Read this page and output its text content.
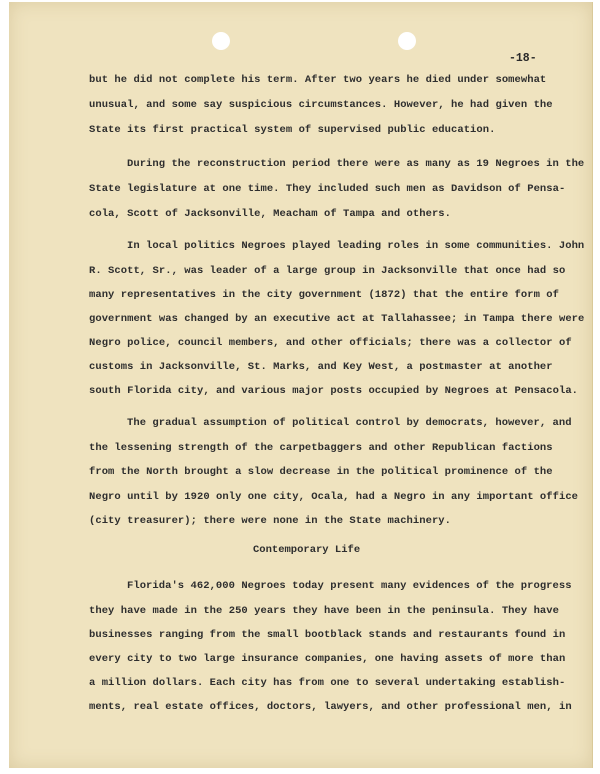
-18-
but he did not complete his term. After two years he died under somewhat
unusual, and some say suspicious circumstances. However, he had given the
State its first practical system of supervised public education.
During the reconstruction period there were as many as 19 Negroes in the
State legislature at one time. They included such men as Davidson of Pensa-
cola, Scott of Jacksonville, Meacham of Tampa and others.
In local politics Negroes played leading roles in some communities. John
R. Scott, Sr., was leader of a large group in Jacksonville that once had so
many representatives in the city government (1872) that the entire form of
government was changed by an executive act at Tallahassee; in Tampa there were
Negro police, council members, and other officials; there was a collector of
customs in Jacksonville, St. Marks, and Key West, a postmaster at another
south Florida city, and various major posts occupied by Negroes at Pensacola.
The gradual assumption of political control by democrats, however, and
the lessening strength of the carpetbaggers and other Republican factions
from the North brought a slow decrease in the political prominence of the
Negro until by 1920 only one city, Ocala, had a Negro in any important office
(city treasurer); there were none in the State machinery.
Contemporary Life
Florida's 462,000 Negroes today present many evidences of the progress
they have made in the 250 years they have been in the peninsula. They have
businesses ranging from the small bootblack stands and restaurants found in
every city to two large insurance companies, one having assets of more than
a million dollars. Each city has from one to several undertaking establish-
ments, real estate offices, doctors, lawyers, and other professional men, in
